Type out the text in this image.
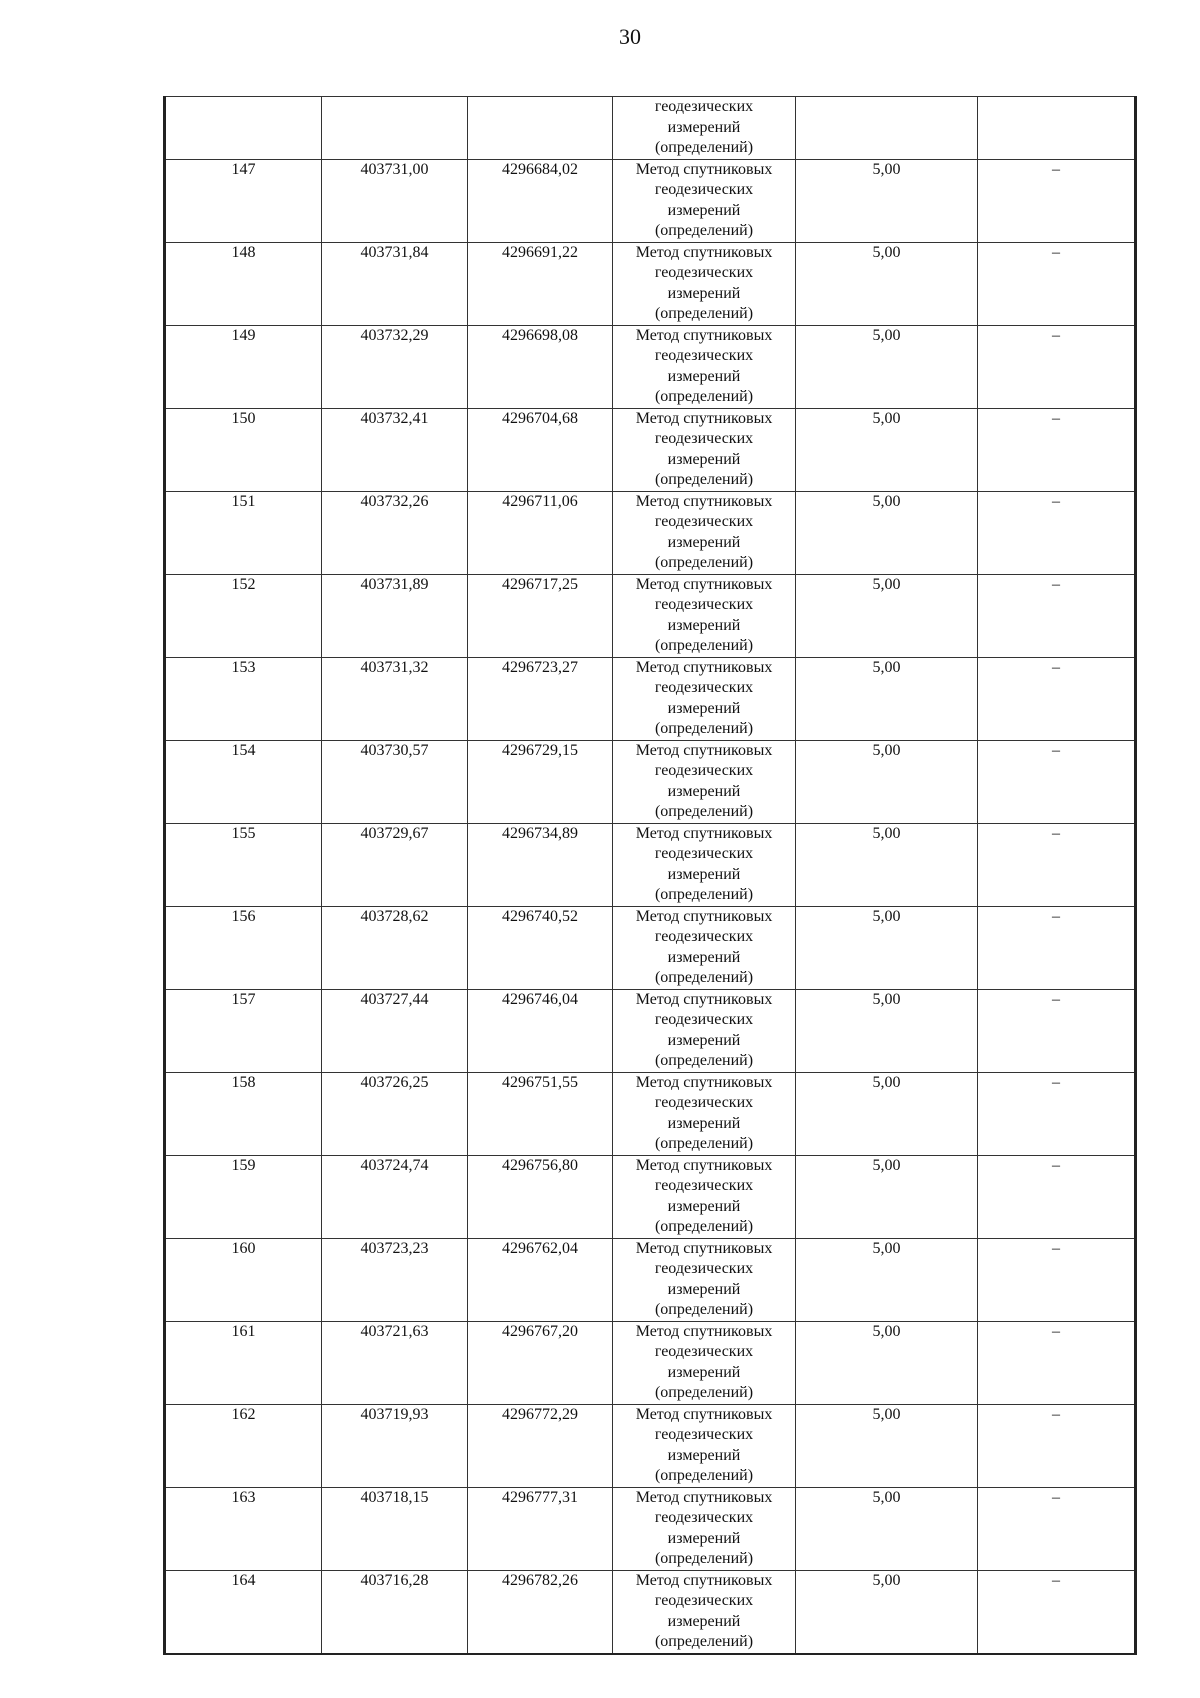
30
			геодезических измерений (определений)		
147	403731,00	4296684,02	Метод спутниковых геодезических измерений (определений)	5,00	–
148	403731,84	4296691,22	Метод спутниковых геодезических измерений (определений)	5,00	–
149	403732,29	4296698,08	Метод спутниковых геодезических измерений (определений)	5,00	–
150	403732,41	4296704,68	Метод спутниковых геодезических измерений (определений)	5,00	–
151	403732,26	4296711,06	Метод спутниковых геодезических измерений (определений)	5,00	–
152	403731,89	4296717,25	Метод спутниковых геодезических измерений (определений)	5,00	–
153	403731,32	4296723,27	Метод спутниковых геодезических измерений (определений)	5,00	–
154	403730,57	4296729,15	Метод спутниковых геодезических измерений (определений)	5,00	–
155	403729,67	4296734,89	Метод спутниковых геодезических измерений (определений)	5,00	–
156	403728,62	4296740,52	Метод спутниковых геодезических измерений (определений)	5,00	–
157	403727,44	4296746,04	Метод спутниковых геодезических измерений (определений)	5,00	–
158	403726,25	4296751,55	Метод спутниковых геодезических измерений (определений)	5,00	–
159	403724,74	4296756,80	Метод спутниковых геодезических измерений (определений)	5,00	–
160	403723,23	4296762,04	Метод спутниковых геодезических измерений (определений)	5,00	–
161	403721,63	4296767,20	Метод спутниковых геодезических измерений (определений)	5,00	–
162	403719,93	4296772,29	Метод спутниковых геодезических измерений (определений)	5,00	–
163	403718,15	4296777,31	Метод спутниковых геодезических измерений (определений)	5,00	–
164	403716,28	4296782,26	Метод спутниковых геодезических измерений (определений)	5,00	–
